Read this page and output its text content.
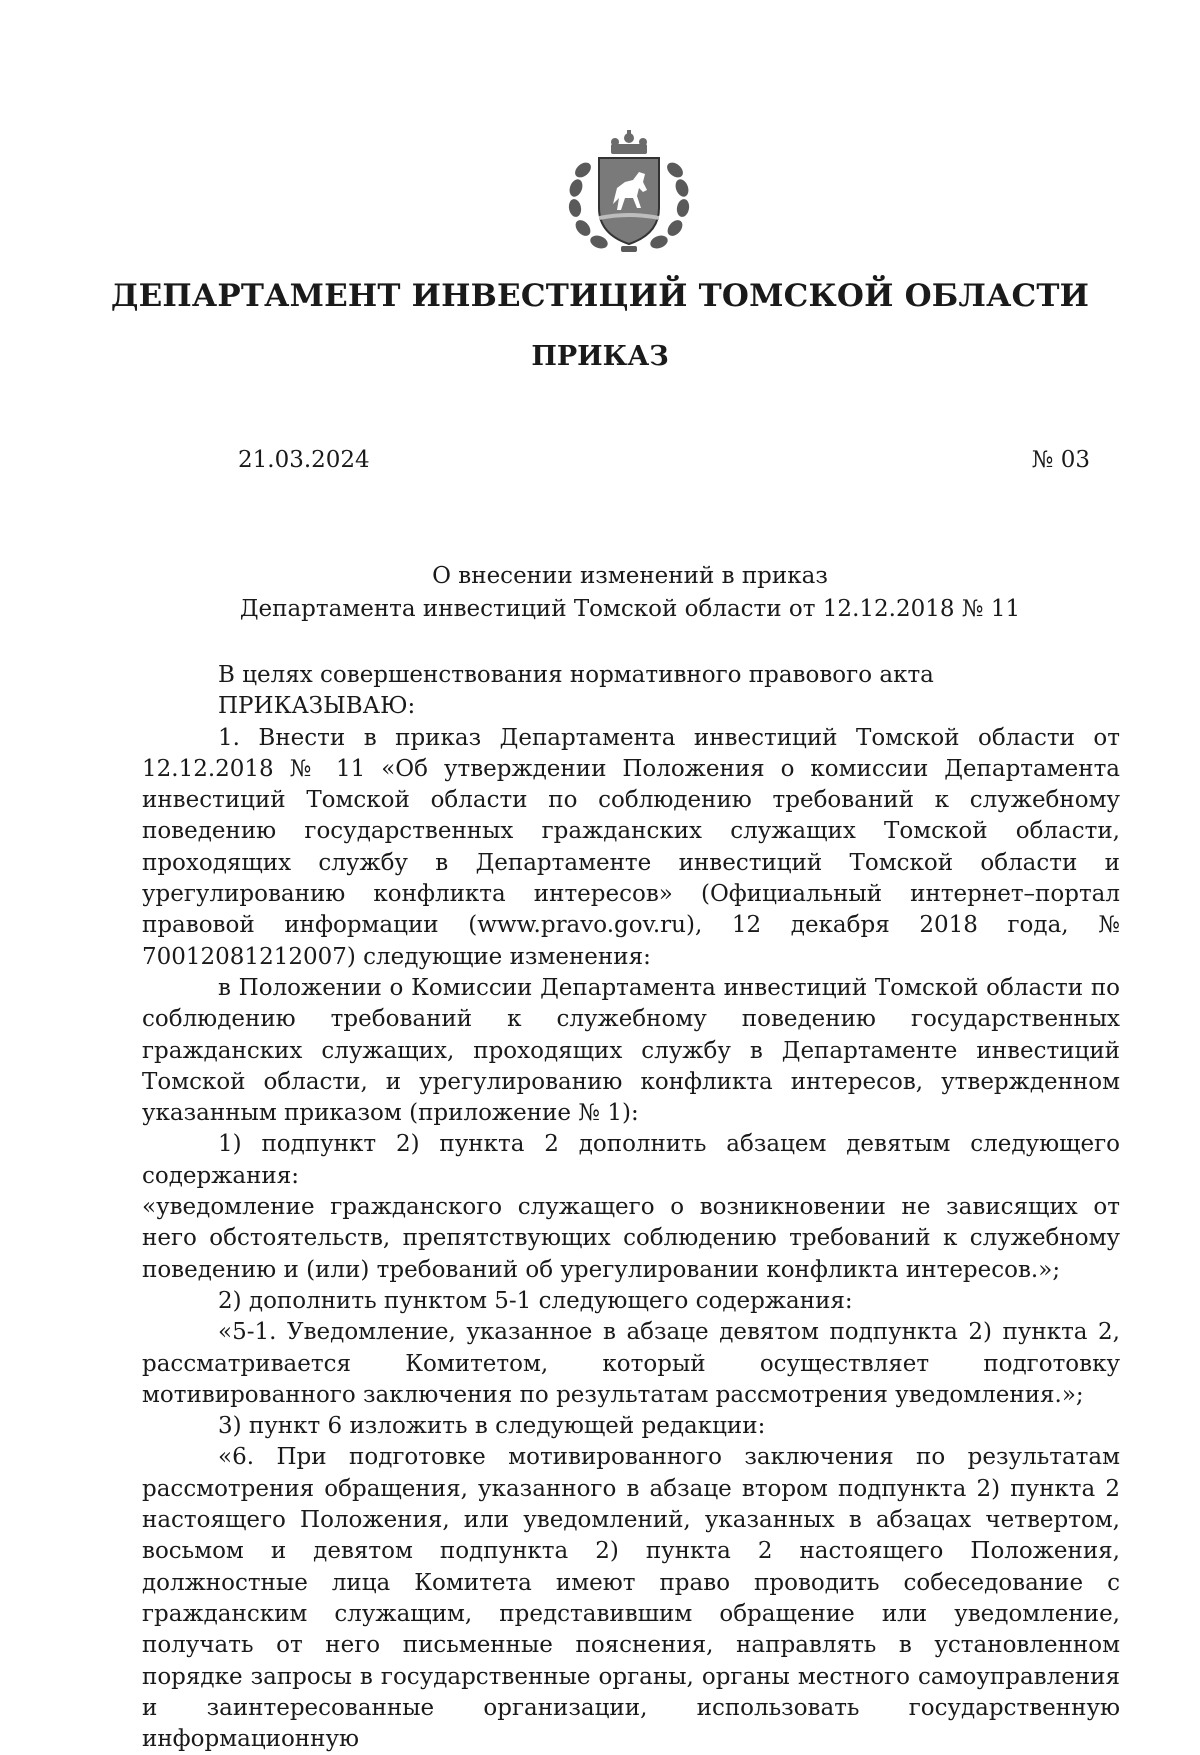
ДЕПАРТАМЕНТ ИНВЕСТИЦИЙ ТОМСКОЙ ОБЛАСТИ
ПРИКАЗ
21.03.2024	№ 03
О внесении изменений в приказ
Департамента инвестиций Томской области от 12.12.2018 № 11

В целях совершенствования нормативного правового акта

ПРИКАЗЫВАЮ:

1. Внести в приказ Департамента инвестиций Томской области от 12.12.2018 № 11 «Об утверждении Положения о комиссии Департамента инвестиций Томской области по соблюдению требований к служебному поведению государственных гражданских служащих Томской области, проходящих службу в Департаменте инвестиций Томской области и урегулированию конфликта интересов» (Официальный интернет–портал правовой информации (www.pravo.gov.ru), 12 декабря 2018 года, № 70012081212007) следующие изменения:

в Положении о Комиссии Департамента инвестиций Томской области по соблюдению требований к служебному поведению государственных гражданских служащих, проходящих службу в Департаменте инвестиций Томской области, и урегулированию конфликта интересов, утвержденном указанным приказом (приложение № 1):

1) подпункт 2) пункта 2 дополнить абзацем девятым следующего содержания:

«уведомление гражданского служащего о возникновении не зависящих от него обстоятельств, препятствующих соблюдению требований к служебному поведению и (или) требований об урегулировании конфликта интересов.»;

2) дополнить пунктом 5-1 следующего содержания:

«5-1. Уведомление, указанное в абзаце девятом подпункта 2) пункта 2, рассматривается Комитетом, который осуществляет подготовку мотивированного заключения по результатам рассмотрения уведомления.»;

3) пункт 6 изложить в следующей редакции:

«6. При подготовке мотивированного заключения по результатам рассмотрения обращения, указанного в абзаце втором подпункта 2) пункта 2 настоящего Положения, или уведомлений, указанных в абзацах четвертом, восьмом и девятом подпункта 2) пункта 2 настоящего Положения, должностные лица Комитета имеют право проводить собеседование с гражданским служащим, представившим обращение или уведомление, получать от него письменные пояснения, направлять в установленном порядке запросы в государственные органы, органы местного самоуправления и заинтересованные организации, использовать государственную информационную
